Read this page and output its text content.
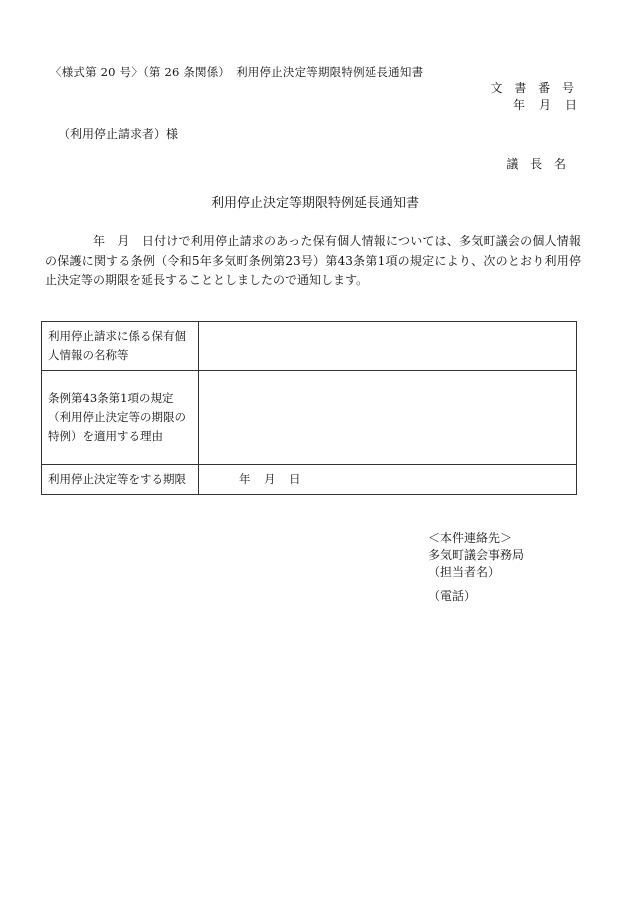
〈様式第 20 号〉（第 26 条関係）　利用停止決定等期限特例延長通知書
文 書 番 号
年　月　日
（利用停止請求者）様
議 長 名
利用停止決定等期限特例延長通知書
年　月　日付けで利用停止請求のあった保有個人情報については、多気町議会の個人情報の保護に関する条例（令和5年多気町条例第23号）第43条第1項の規定により、次のとおり利用停止決定等の期限を延長することとしましたので通知します。
利用停止請求に係る保有個人情報の名称等	
条例第43条第1項の規定（利用停止決定等の期限の特例）を適用する理由	
利用停止決定等をする期限	年　月　日
＜本件連絡先＞
多気町議会事務局
（担当者名）
（電話）
